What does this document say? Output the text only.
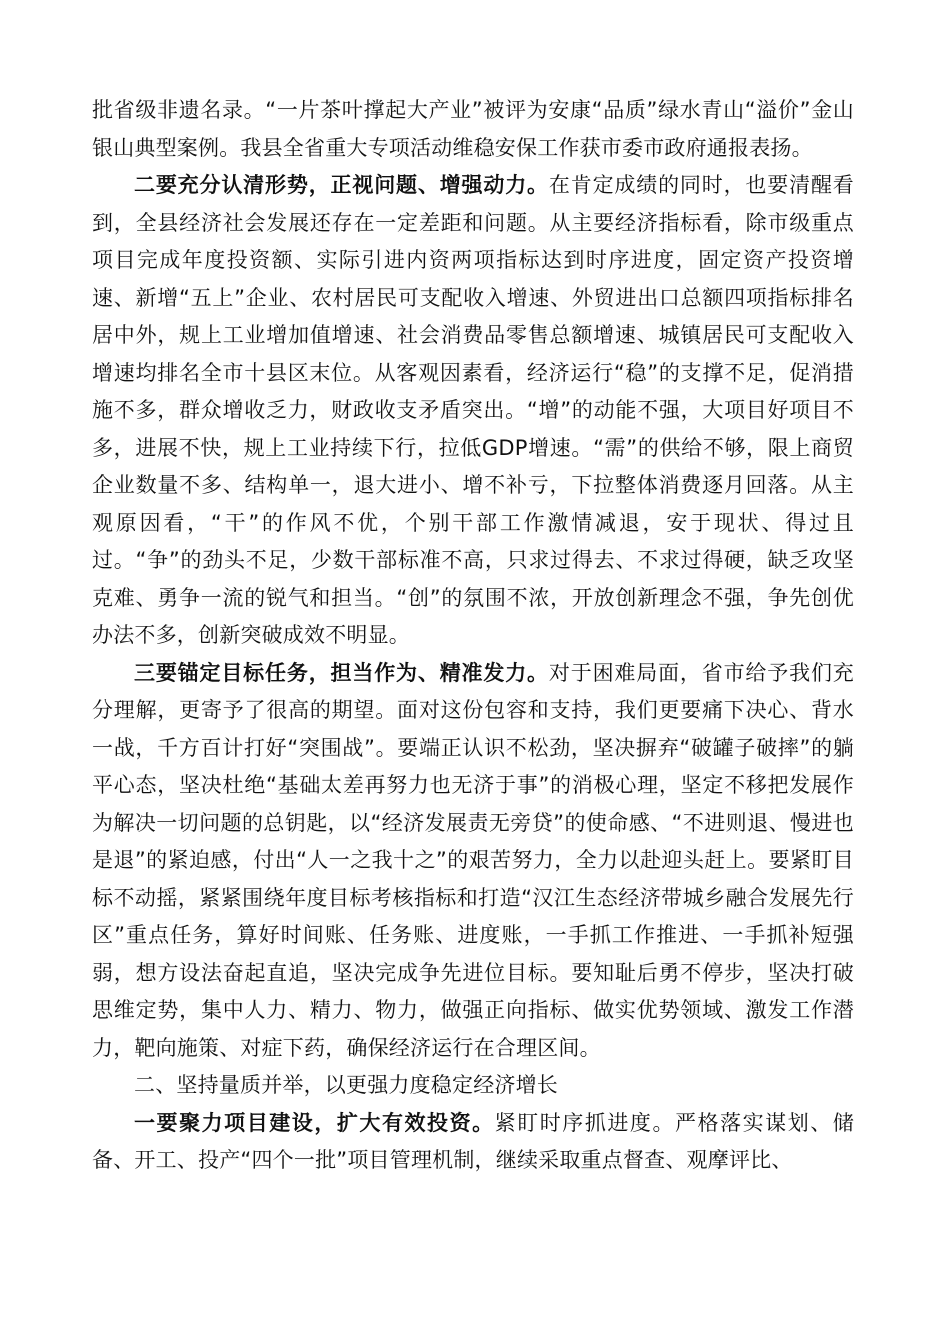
批省级非遗名录。“一片茶叶撑起大产业”被评为安康“品质”绿水青山“溢价”金山银山典型案例。我县全省重大专项活动维稳安保工作获市委市政府通报表扬。

二要充分认清形势，正视问题、增强动力。在肯定成绩的同时，也要清醒看到，全县经济社会发展还存在一定差距和问题。从主要经济指标看，除市级重点项目完成年度投资额、实际引进内资两项指标达到时序进度，固定资产投资增速、新增“五上”企业、农村居民可支配收入增速、外贸进出口总额四项指标排名居中外，规上工业增加值增速、社会消费品零售总额增速、城镇居民可支配收入增速均排名全市十县区末位。从客观因素看，经济运行“稳”的支撑不足，促消措施不多，群众增收乏力，财政收支矛盾突出。“增”的动能不强，大项目好项目不多，进展不快，规上工业持续下行，拉低GDP增速。“需”的供给不够，限上商贸企业数量不多、结构单一，退大进小、增不补亏，下拉整体消费逐月回落。从主观原因看，“干”的作风不优，个别干部工作激情减退，安于现状、得过且过。“争”的劲头不足，少数干部标准不高，只求过得去、不求过得硬，缺乏攻坚克难、勇争一流的锐气和担当。“创”的氛围不浓，开放创新理念不强，争先创优办法不多，创新突破成效不明显。

三要锚定目标任务，担当作为、精准发力。对于困难局面，省市给予我们充分理解，更寄予了很高的期望。面对这份包容和支持，我们更要痛下决心、背水一战，千方百计打好“突围战”。要端正认识不松劲，坚决摒弃“破罐子破摔”的躺平心态，坚决杜绝“基础太差再努力也无济于事”的消极心理，坚定不移把发展作为解决一切问题的总钥匙，以“经济发展责无旁贷”的使命感、“不进则退、慢进也是退”的紧迫感，付出“人一之我十之”的艰苦努力，全力以赴迎头赶上。要紧盯目标不动摇，紧紧围绕年度目标考核指标和打造“汉江生态经济带城乡融合发展先行区”重点任务，算好时间账、任务账、进度账，一手抓工作推进、一手抓补短强弱，想方设法奋起直追，坚决完成争先进位目标。要知耻后勇不停步，坚决打破思维定势，集中人力、精力、物力，做强正向指标、做实优势领域、激发工作潜力，靶向施策、对症下药，确保经济运行在合理区间。

二、坚持量质并举，以更强力度稳定经济增长

一要聚力项目建设，扩大有效投资。紧盯时序抓进度。严格落实谋划、储备、开工、投产“四个一批”项目管理机制，继续采取重点督查、观摩评比、
